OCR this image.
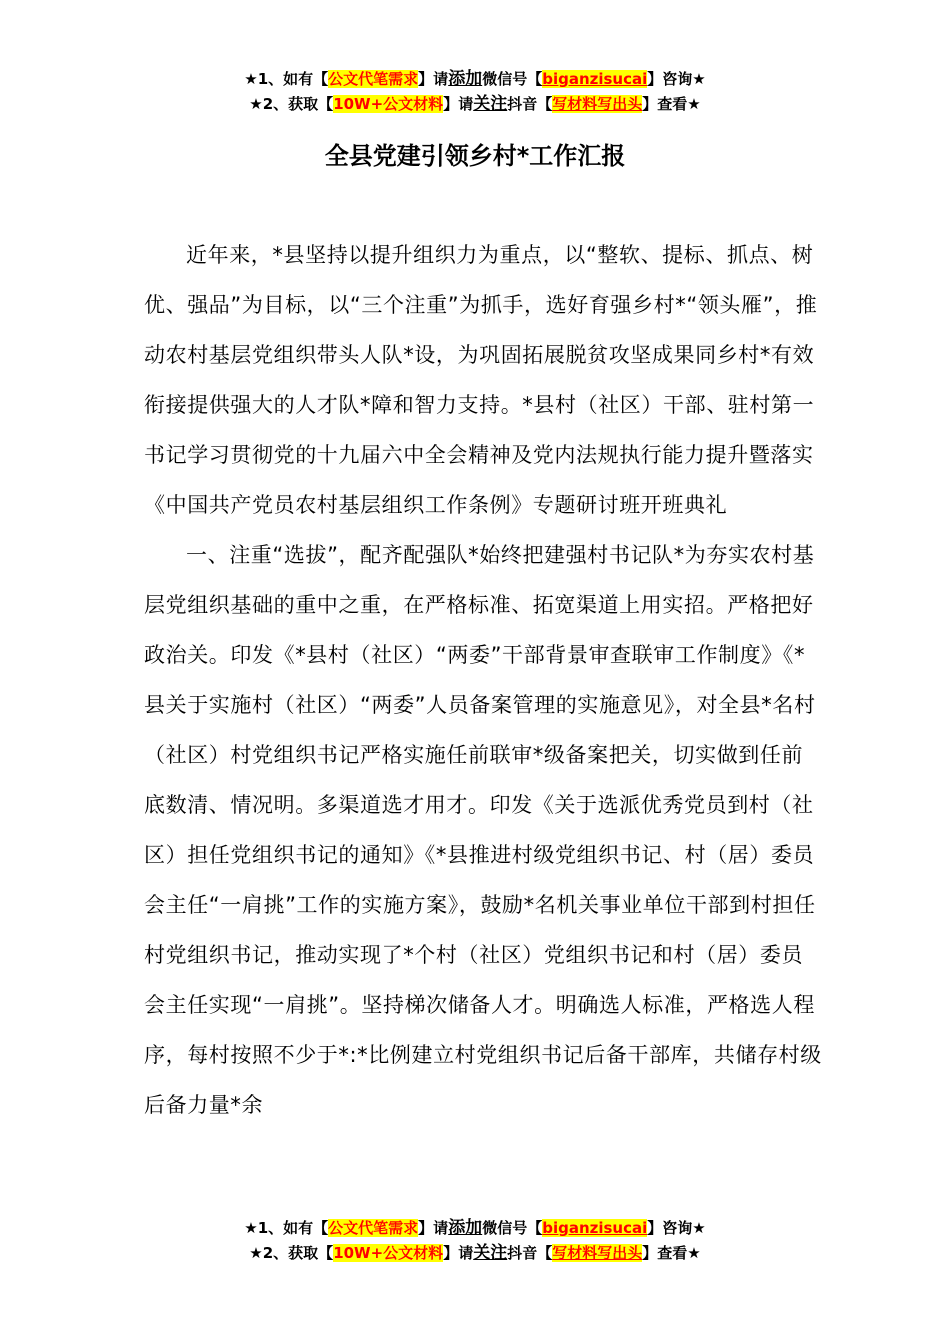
★1、如有【公文代笔需求】请添加微信号【biganzisucai】咨询★
★2、获取【10W+公文材料】请关注抖音【写材料写出头】查看★
全县党建引领乡村*工作汇报

近年来，*县坚持以提升组织力为重点，以“整软、提标、抓点、树优、强品”为目标，以“三个注重”为抓手，选好育强乡村*“领头雁”，推动农村基层党组织带头人队*设，为巩固拓展脱贫攻坚成果同乡村*有效衔接提供强大的人才队*障和智力支持。*县村（社区）干部、驻村第一书记学习贯彻党的十九届六中全会精神及党内法规执行能力提升暨落实《中国共产党员农村基层组织工作条例》专题研讨班开班典礼

一、注重“选拔”，配齐配强队*始终把建强村书记队*为夯实农村基层党组织基础的重中之重，在严格标准、拓宽渠道上用实招。严格把好政治关。印发《*县村（社区）“两委”干部背景审查联审工作制度》《*县关于实施村（社区）“两委”人员备案管理的实施意见》，对全县*名村（社区）村党组织书记严格实施任前联审*级备案把关，切实做到任前底数清、情况明。多渠道选才用才。印发《关于选派优秀党员到村（社区）担任党组织书记的通知》《*县推进村级党组织书记、村（居）委员会主任“一肩挑”工作的实施方案》，鼓励*名机关事业单位干部到村担任村党组织书记，推动实现了*个村（社区）党组织书记和村（居）委员会主任实现“一肩挑”。坚持梯次储备人才。明确选人标准，严格选人程序，每村按照不少于*:*比例建立村党组织书记后备干部库，共储存村级后备力量*余

★1、如有【公文代笔需求】请添加微信号【biganzisucai】咨询★
★2、获取【10W+公文材料】请关注抖音【写材料写出头】查看★
